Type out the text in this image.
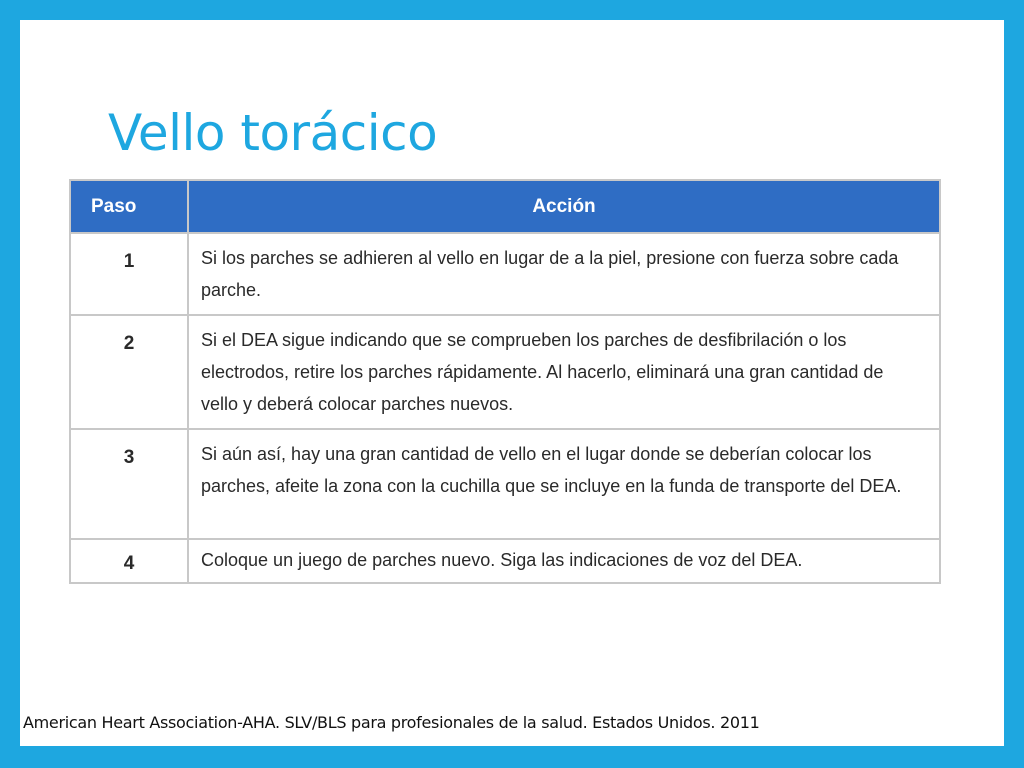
Vello torácico
Paso	Acción
1	Si los parches se adhieren al vello en lugar de a la piel, presione con fuerza sobre cada parche.
2	Si el DEA sigue indicando que se comprueben los parches de desfibrilación o los electrodos, retire los parches rápidamente. Al hacerlo, eliminará una gran cantidad de vello y deberá colocar parches nuevos.
3	Si aún así, hay una gran cantidad de vello en el lugar donde se deberían colocar los parches, afeite la zona con la cuchilla que se incluye en la funda de transporte del DEA.
4	Coloque un juego de parches nuevo. Siga las indicaciones de voz del DEA.

American Heart Association-AHA. SLV/BLS para profesionales de la salud. Estados Unidos. 2011
